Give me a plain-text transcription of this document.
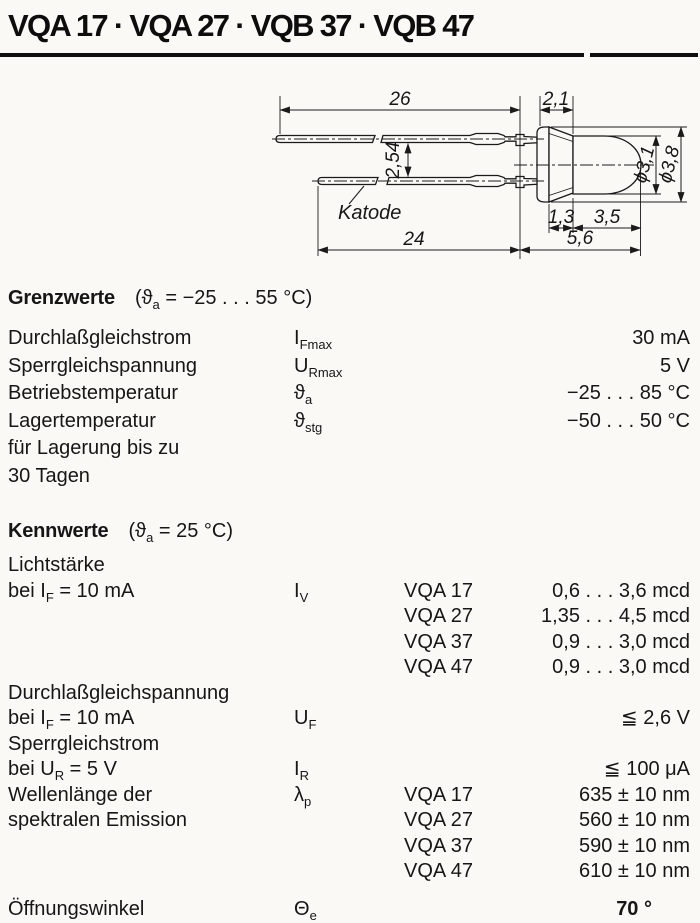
VQA 17 · VQA 27 · VQB 37 · VQB 47
26	2,1
2,54
Katode
24
1,3 3,5
5,6
ϕ3,1
ϕ3,8
Grenzwerte ($ϑ_a = -25$ . . . 55 °C)
Durchlaßgleichstrom	$I_{Fmax}$	30 mA
Sperrgleichspannung	$U_{Rmax}$	5 V
Betriebstemperatur	$ϑ_a$	−25 . . . 85 °C
Lagertemperatur	$ϑ_{stg}$	−50 . . . 50 °C
für Lagerung bis zu
30 Tagen
Kennwerte ($ϑ_a = 25$ °C)
Lichtstärke
bei $I_F = 10$ mA	$I_V$	VQA 17	0,6 . . . 3,6 mcd
VQA 27	1,35 . . . 4,5 mcd
VQA 37	0,9 . . . 3,0 mcd
VQA 47	0,9 . . . 3,0 mcd
Durchlaßgleichspannung
bei $I_F = 10$ mA	$U_F$	≦ 2,6 V
Sperrgleichstrom
bei $U_R = 5$ V	$I_R$	≦ 100 μA
Wellenlänge der	$\lambda_p$	VQA 17	635 ± 10 nm
spektralen Emission	VQA 27	560 ± 10 nm
VQA 37	590 ± 10 nm
VQA 47	610 ± 10 nm
Öffnungswinkel	$\Theta_e$	70 °
